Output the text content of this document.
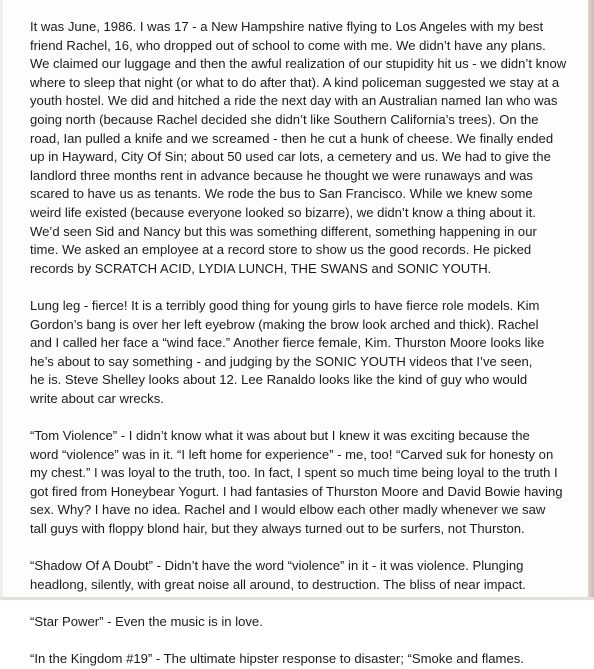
It was June, 1986. I was 17 - a New Hampshire native flying to Los Angeles with my best
friend Rachel, 16, who dropped out of school to come with me. We didn’t have any plans.
We claimed our luggage and then the awful realization of our stupidity hit us - we didn’t know
where to sleep that night (or what to do after that). A kind policeman suggested we stay at a
youth hostel. We did and hitched a ride the next day with an Australian named Ian who was
going north (because Rachel decided she didn’t like Southern California’s trees). On the
road, Ian pulled a knife and we screamed - then he cut a hunk of cheese. We finally ended
up in Hayward, City Of Sin; about 50 used car lots, a cemetery and us. We had to give the
landlord three months rent in advance because he thought we were runaways and was
scared to have us as tenants. We rode the bus to San Francisco. While we knew some
weird life existed (because everyone looked so bizarre), we didn’t know a thing about it.
We’d seen Sid and Nancy but this was something different, something happening in our
time. We asked an employee at a record store to show us the good records. He picked
records by SCRATCH ACID, LYDIA LUNCH, THE SWANS and SONIC YOUTH.

Lung leg - fierce! It is a terribly good thing for young girls to have fierce role models. Kim
Gordon’s bang is over her left eyebrow (making the brow look arched and thick). Rachel
and I called her face a “wind face.” Another fierce female, Kim. Thurston Moore looks like
he’s about to say something - and judging by the SONIC YOUTH videos that I’ve seen,
he is. Steve Shelley looks about 12. Lee Ranaldo looks like the kind of guy who would
write about car wrecks.

“Tom Violence” - I didn’t know what it was about but I knew it was exciting because the
word “violence” was in it. “I left home for experience” - me, too! “Carved suk for honesty on
my chest.” I was loyal to the truth, too. In fact, I spent so much time being loyal to the truth I
got fired from Honeybear Yogurt. I had fantasies of Thurston Moore and David Bowie having
sex. Why? I have no idea. Rachel and I would elbow each other madly whenever we saw
tall guys with floppy blond hair, but they always turned out to be surfers, not Thurston.

“Shadow Of A Doubt” - Didn’t have the word “violence” in it - it was violence. Plunging
headlong, silently, with great noise all around, to destruction. The bliss of near impact.

“Star Power” - Even the music is in love.

“In the Kingdom #19” - The ultimate hipster response to disaster; “Smoke and flames.
